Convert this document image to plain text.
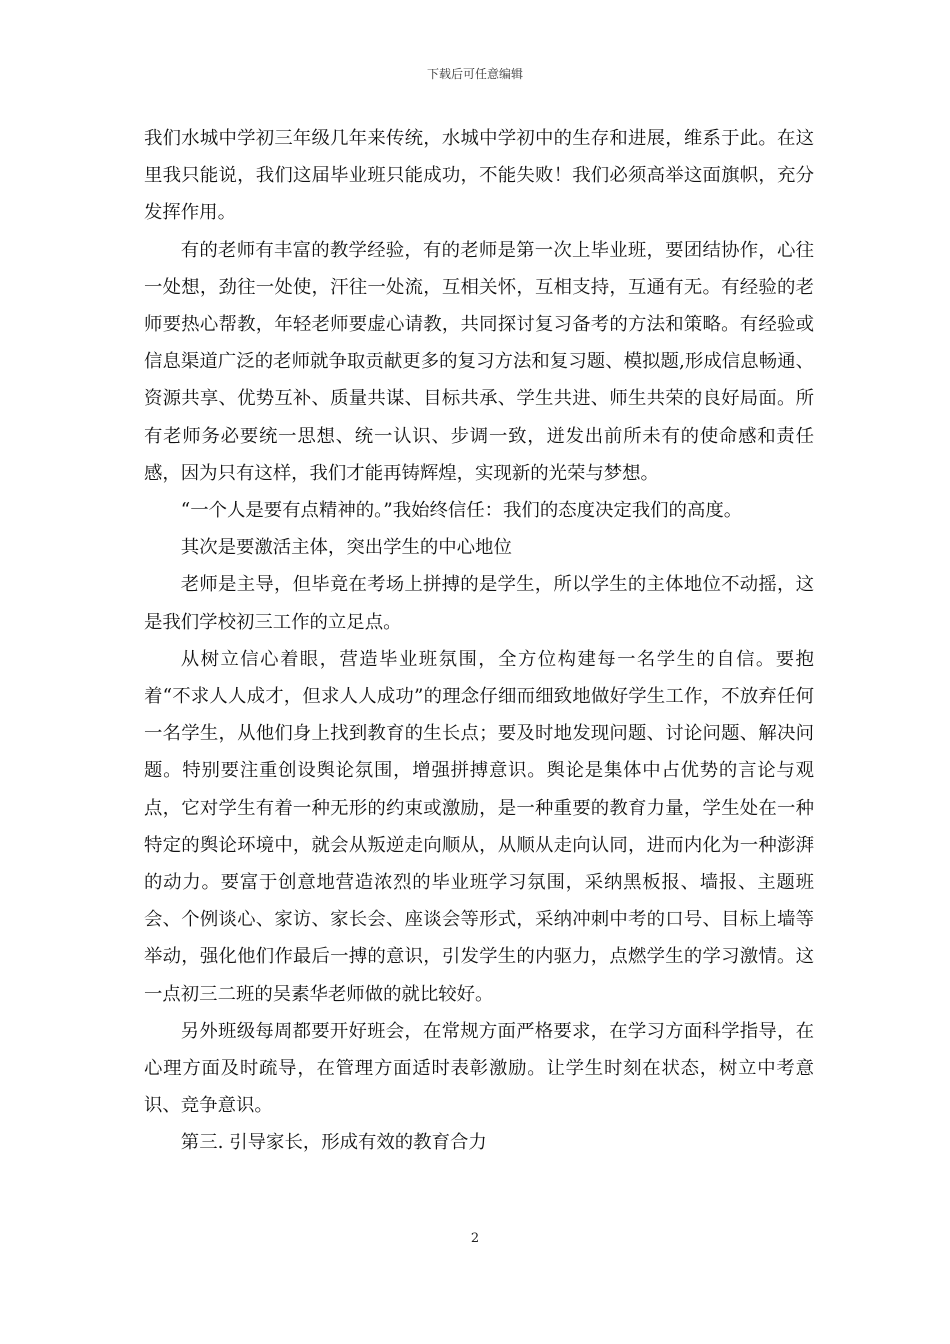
下载后可任意编辑

我们水城中学初三年级几年来传统，水城中学初中的生存和进展，维系于此。在这里我只能说，我们这届毕业班只能成功，不能失败！我们必须高举这面旗帜，充分发挥作用。

有的老师有丰富的教学经验，有的老师是第一次上毕业班，要团结协作，心往一处想，劲往一处使，汗往一处流，互相关怀，互相支持，互通有无。有经验的老师要热心帮教，年轻老师要虚心请教，共同探讨复习备考的方法和策略。有经验或信息渠道广泛的老师就争取贡献更多的复习方法和复习题、模拟题,形成信息畅通、资源共享、优势互补、质量共谋、目标共承、学生共进、师生共荣的良好局面。所有老师务必要统一思想、统一认识、步调一致，迸发出前所未有的使命感和责任感，因为只有这样，我们才能再铸辉煌，实现新的光荣与梦想。

“一个人是要有点精神的。”我始终信任：我们的态度决定我们的高度。

其次是要激活主体，突出学生的中心地位

老师是主导，但毕竟在考场上拼搏的是学生，所以学生的主体地位不动摇，这是我们学校初三工作的立足点。

从树立信心着眼，营造毕业班氛围，全方位构建每一名学生的自信。要抱着“不求人人成才，但求人人成功”的理念仔细而细致地做好学生工作，不放弃任何一名学生，从他们身上找到教育的生长点；要及时地发现问题、讨论问题、解决问题。特别要注重创设舆论氛围，增强拼搏意识。舆论是集体中占优势的言论与观点，它对学生有着一种无形的约束或激励，是一种重要的教育力量，学生处在一种特定的舆论环境中，就会从叛逆走向顺从，从顺从走向认同，进而内化为一种澎湃的动力。要富于创意地营造浓烈的毕业班学习氛围，采纳黑板报、墙报、主题班会、个例谈心、家访、家长会、座谈会等形式，采纳冲刺中考的口号、目标上墙等举动，强化他们作最后一搏的意识，引发学生的内驱力，点燃学生的学习激情。这一点初三二班的吴素华老师做的就比较好。

另外班级每周都要开好班会，在常规方面严格要求，在学习方面科学指导，在心理方面及时疏导，在管理方面适时表彰激励。让学生时刻在状态，树立中考意识、竞争意识。

第三. 引导家长，形成有效的教育合力

2
